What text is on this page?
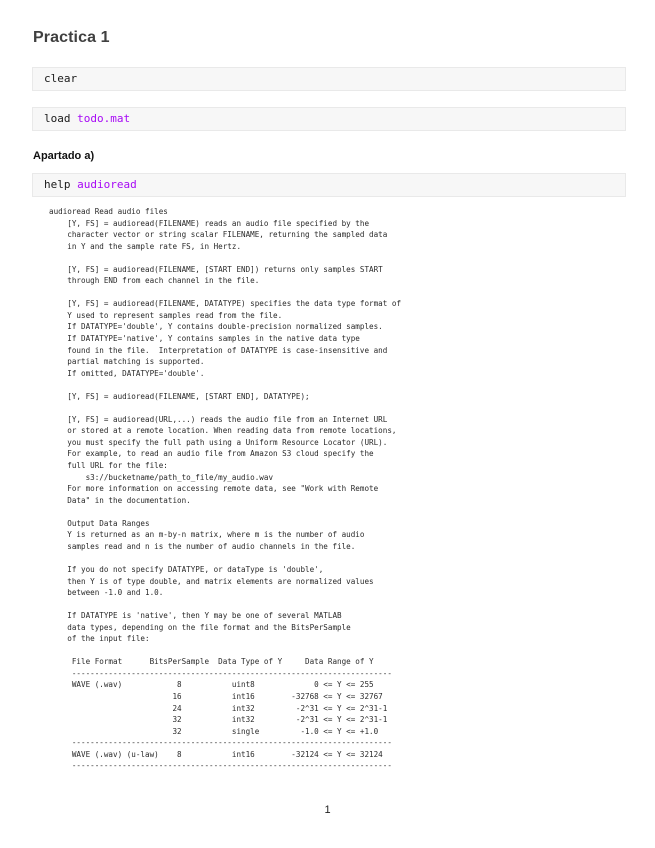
Practica 1
clear
load todo.mat
Apartado a)
help audioread
audioread Read audio files
[Y, FS] = audioread(FILENAME) reads an audio file specified by the
character vector or string scalar FILENAME, returning the sampled data
in Y and the sample rate FS, in Hertz.

[Y, FS] = audioread(FILENAME, [START END]) returns only samples START
through END from each channel in the file.

[Y, FS] = audioread(FILENAME, DATATYPE) specifies the data type format of
Y used to represent samples read from the file.
If DATATYPE='double', Y contains double-precision normalized samples.
If DATATYPE='native', Y contains samples in the native data type
found in the file.  Interpretation of DATATYPE is case-insensitive and
partial matching is supported.
If omitted, DATATYPE='double'.

[Y, FS] = audioread(FILENAME, [START END], DATATYPE);

[Y, FS] = audioread(URL,...) reads the audio file from an Internet URL
or stored at a remote location. When reading data from remote locations,
you must specify the full path using a Uniform Resource Locator (URL).
For example, to read an audio file from Amazon S3 cloud specify the
full URL for the file:
s3://bucketname/path_to_file/my_audio.wav
For more information on accessing remote data, see "Work with Remote
Data" in the documentation.

Output Data Ranges
Y is returned as an m-by-n matrix, where m is the number of audio
samples read and n is the number of audio channels in the file.

If you do not specify DATATYPE, or dataType is 'double',
then Y is of type double, and matrix elements are normalized values
between -1.0 and 1.0.

If DATATYPE is 'native', then Y may be one of several MATLAB
data types, depending on the file format and the BitsPerSample
of the input file:

File Format      BitsPerSample  Data Type of Y     Data Range of Y
----------------------------------------------------------------------
WAVE (.wav)            8           uint8             0 <= Y <= 255
16           int16        -32768 <= Y <= 32767
24           int32         -2^31 <= Y <= 2^31-1
32           int32         -2^31 <= Y <= 2^31-1
32           single         -1.0 <= Y <= +1.0
----------------------------------------------------------------------
WAVE (.wav) (u-law)    8           int16        -32124 <= Y <= 32124
----------------------------------------------------------------------
1
